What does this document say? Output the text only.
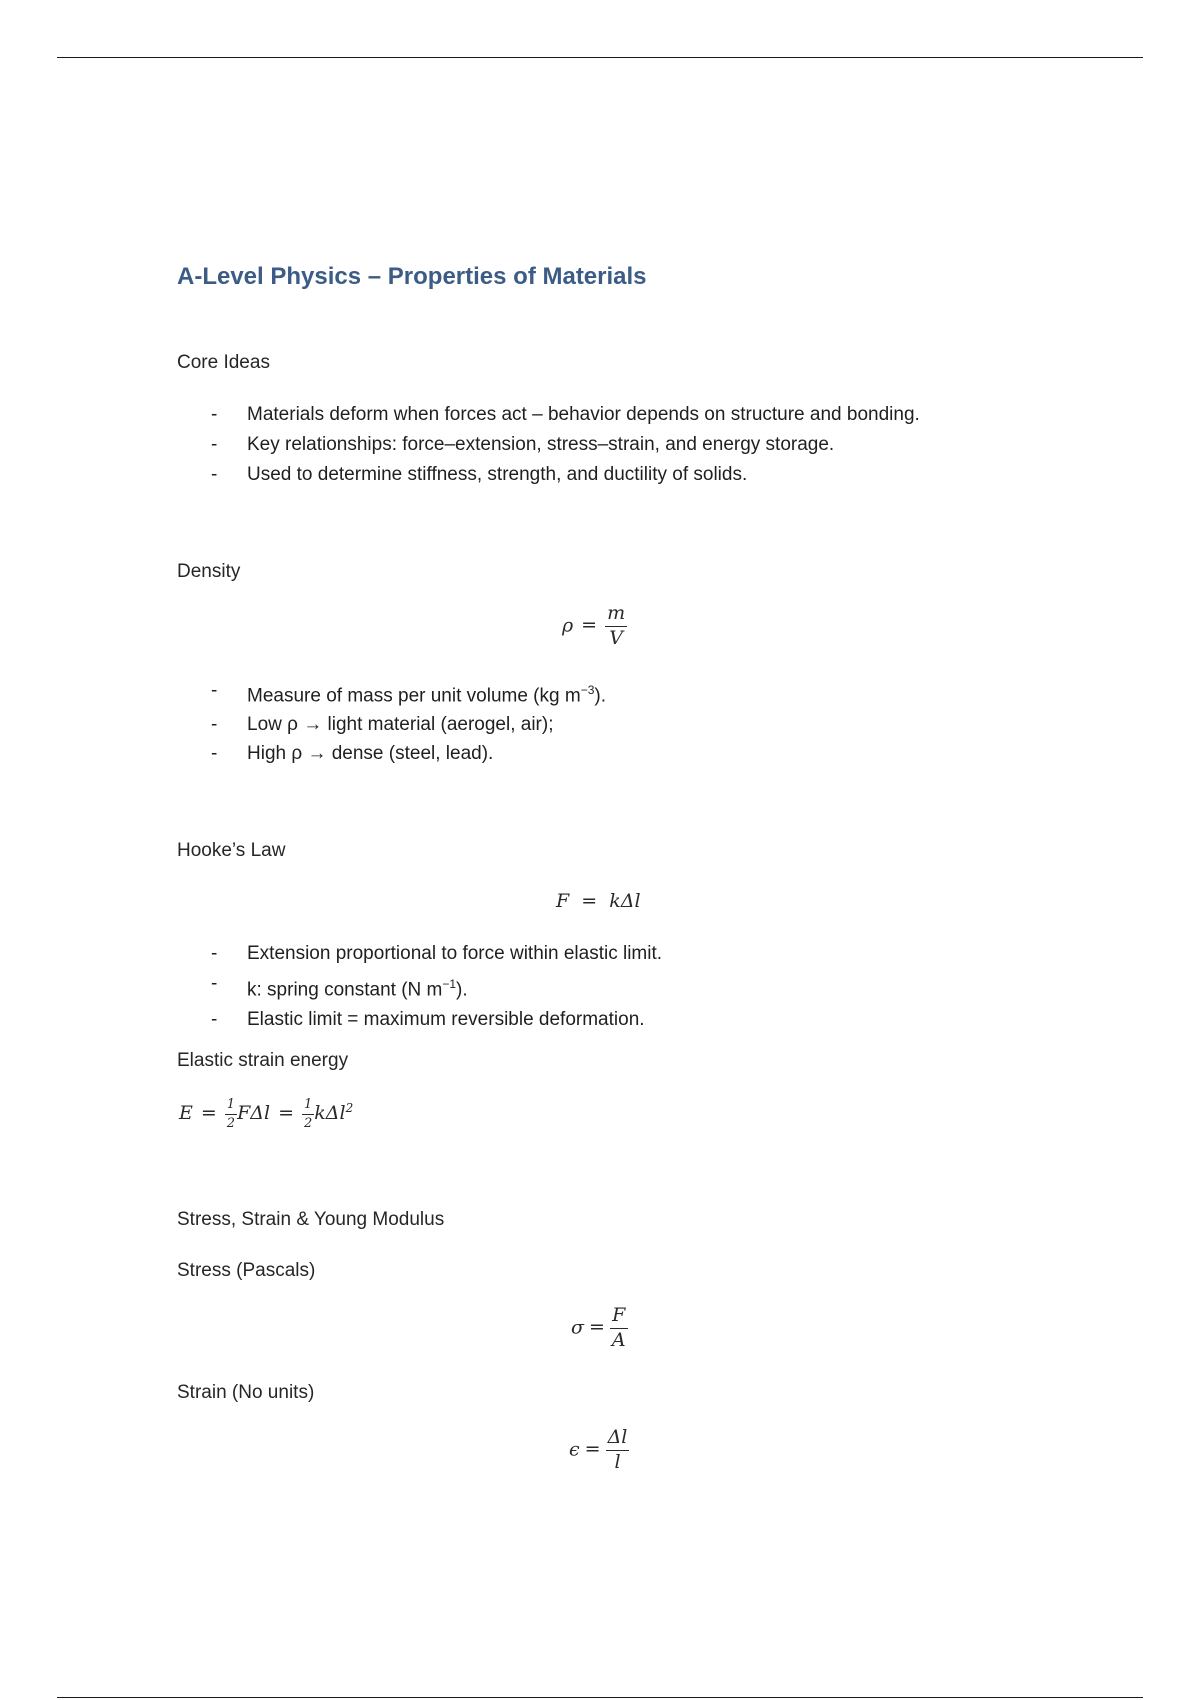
A-Level Physics – Properties of Materials
Core Ideas
- Materials deform when forces act – behavior depends on structure and bonding.
- Key relationships: force–extension, stress–strain, and energy storage.
- Used to determine stiffness, strength, and ductility of solids.
Density
$\rho = \frac{m}{V}$
- Measure of mass per unit volume (kg $m^{-3}$).
- Low ρ → light material (aerogel, air);
- High ρ → dense (steel, lead).
Hooke’s Law
F  =  kΔl
- Extension proportional to force within elastic limit.
- k: spring constant (N $m^{-1}$).
- Elastic limit = maximum reversible deformation.
Elastic strain energy
$E = \frac{1}{2}$ $F\Delta l = \frac{1}{2} k\Delta l^2$
Stress, Strain & Young Modulus
Stress (Pascals)
$\sigma = \frac{F}{A}$
Strain (No units)
$\epsilon = \frac{\Delta l}{l}$
